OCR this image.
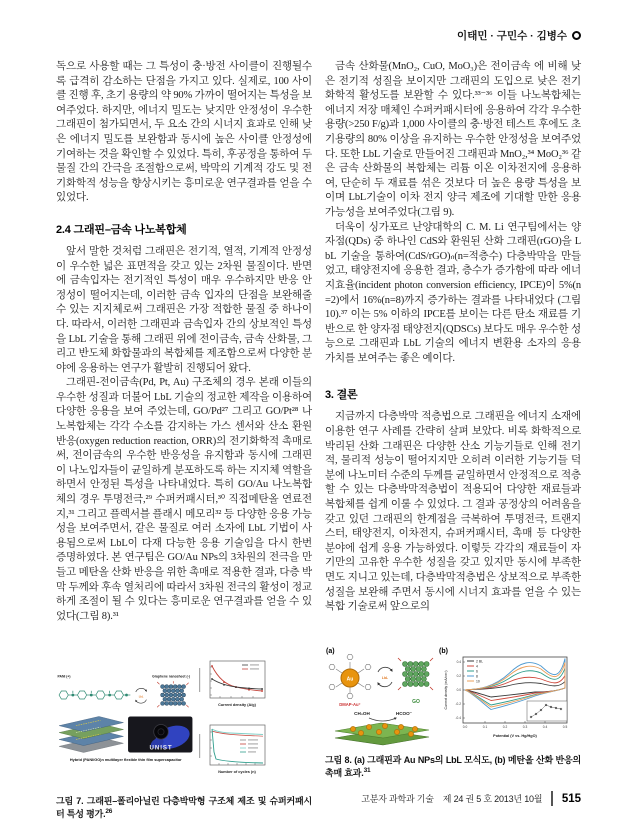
이태민 · 구민수 · 김병수

독으로 사용할 때는 그 특성이 충·방전 사이클이 진행될수록 급격히 감소하는 단점을 가지고 있다. 실제로, 100 사이클 진행 후, 초기 용량의 약 90% 가까이 떨어지는 특성을 보여주었다. 하지만, 에너지 밀도는 낮지만 안정성이 우수한 그래핀이 첨가되면서, 두 요소 간의 시너지 효과로 인해 낮은 에너지 밀도를 보완함과 동시에 높은 사이클 안정성에 기여하는 것을 확인할 수 있었다. 특히, 후공정을 통하여 두 물질 간의 간극을 조절함으로써, 박막의 기계적 강도 및 전기화학적 성능을 향상시키는 흥미로운 연구결과를 얻을 수 있었다.

2.4 그래핀–금속 나노복합체

앞서 말한 것처럼 그래핀은 전기적, 열적, 기계적 안정성이 우수한 넓은 표면적을 갖고 있는 2차원 물질이다. 반면에 금속입자는 전기적인 특성이 매우 우수하지만 반응 안정성이 떨어지는데, 이러한 금속 입자의 단점을 보완해줄 수 있는 지지체로써 그래핀은 가장 적합한 물질 중 하나이다. 따라서, 이러한 그래핀과 금속입자 간의 상보적인 특성을 LbL 기술을 통해 그래핀 위에 전이금속, 금속 산화물, 그리고 반도체 화합물과의 복합체를 제조함으로써 다양한 분야에 응용하는 연구가 활발히 진행되어 왔다.

그래핀-전이금속(Pd, Pt, Au) 구조체의 경우 본래 이들의 우수한 성질과 더불어 LbL 기술의 정교한 제작을 이용하여 다양한 응용을 보여 주었는데, GO/Pd²⁷ 그리고 GO/Pt²⁸ 나노복합체는 각각 수소를 감지하는 가스 센서와 산소 환원 반응(oxygen reduction reaction, ORR)의 전기화학적 촉매로써, 전이금속의 우수한 반응성을 유지함과 동시에 그래핀이 나노입자들이 균일하게 분포하도록 하는 지지체 역할을 하면서 안정된 특성을 나타내었다. 특히 GO/Au 나노복합체의 경우 투명전극,²⁹ 수퍼커패시터,³⁰ 직접메탄올 연료전지,³¹ 그리고 플렉서블 플래시 메모리³² 등 다양한 응용 가능성을 보여주면서, 같은 물질로 여러 소자에 LbL 기법이 사용됨으로써 LbL이 다재 다능한 응용 기술임을 다시 한번 증명하였다. 본 연구팀은 GO/Au NPs의 3차원의 전극을 만들고 메탄올 산화 반응을 위한 촉매로 적용한 결과, 다층 박막 두께와 후속 열처리에 따라서 3차원 전극의 활성이 정교하게 조절이 될 수 있다는 흥미로운 연구결과를 얻을 수 있었다(그림 8).³¹

PANI (+)	Graphene nanosheet (-)
LbL
UNIST
Hybrid (PANI/GO)n multilayer flexible thin film supercapacitor
Current density (A/g)

Number of cycles (n)
그림 7. 그래핀–폴리아닐린 다층박막형 구조체 제조 및 슈퍼커패시터 특성 평가.$^{26}$

금속 산화물(MnO₂, CuO, MoO₃)은 전이금속 에 비해 낮은 전기적 성질을 보이지만 그래핀의 도입으로 낮은 전기화학적 활성도를 보완할 수 있다.³³⁻³⁶ 이들 나노복합체는 에너지 저장 매체인 수퍼커패시터에 응용하여 각각 우수한 용량(>250 F/g)과 1,000 사이클의 충·방전 테스트 후에도 초기용량의 80% 이상을 유지하는 우수한 안정성을 보여주었다. 또한 LbL 기술로 만들어진 그래핀과 MnO₂,³⁴ MoO₂³⁶ 같은 금속 산화물의 복합체는 리튬 이온 이차전지에 응용하여, 단순히 두 재료를 섞은 것보다 더 높은 용량 특성을 보이며 LbL기술이 이차 전지 양극 제조에 기대할 만한 응용 가능성을 보여주었다(그림 9).

더욱이 싱가포르 난양대학의 C. M. Li 연구팀에서는 양자점(QDs) 중 하나인 CdS와 환원된 산화 그래핀(rGO)을 LbL 기술을 통하여(CdS/rGO)ₙ(n=적층수) 다층박막을 만들었고, 태양전지에 응용한 결과, 층수가 증가함에 따라 에너지효율(incident photon conversion efficiency, IPCE)이 5%(n=2)에서 16%(n=8)까지 증가하는 결과를 나타내었다 (그림 10).³⁷ 이는 5% 이하의 IPCE를 보이는 다른 탄소 재료를 기반으로 한 양자점 태양전지(QDSCs) 보다도 매우 우수한 성능으로 그래핀과 LbL 기술의 에너지 변환용 소자의 응용 가치를 보여주는 좋은 예이다.

3. 결론

지금까지 다층박막 적층법으로 그래핀을 에너지 소재에 이용한 연구 사례를 간략히 살펴 보았다. 비록 화학적으로 박리된 산화 그래핀은 다양한 산소 기능기들로 인해 전기적, 물리적 성능이 떨어지지만 오히려 이러한 기능기들 덕분에 나노미터 수준의 두께를 균일하면서 안정적으로 적층할 수 있는 다층박막적층법이 적용되어 다양한 재료들과 복합체를 쉽게 이룰 수 있었다. 그 결과 공정상의 어려움을 갖고 있던 그래핀의 한계점을 극복하여 투명전극, 트랜지스터, 태양전지, 이차전지, 슈퍼커패시터, 촉매 등 다양한 분야에 쉽게 응용 가능하였다. 이렇듯 각각의 재료들이 자기만의 고유한 우수한 성질을 갖고 있지만 동시에 부족한 면도 지니고 있는데, 다층박막적층법은 상보적으로 부족한 성질을 보완해 주면서 동시에 시너지 효과를 얻을 수 있는 복합 기술로써 앞으로의

(a)
Au
DMAP-Au⁺
LbL
GO
CH₃OH	HCOO⁻
(b)
0.4
0.2
0.0
-0.2
-0.4
0.0	0.1	0.2	0.3	0.4	0.5
2 BL
4
6
8
10
Potential (V vs. Hg/HgO)
Current density (mA/cm²)
그림 8. (a) 그래핀과 Au NPs의 LbL 모식도, (b) 메탄올 산화 반응의 촉매 효과.$^{31}$
고분자 과학과 기술 제 24 권 5 호 2013년 10월 515
